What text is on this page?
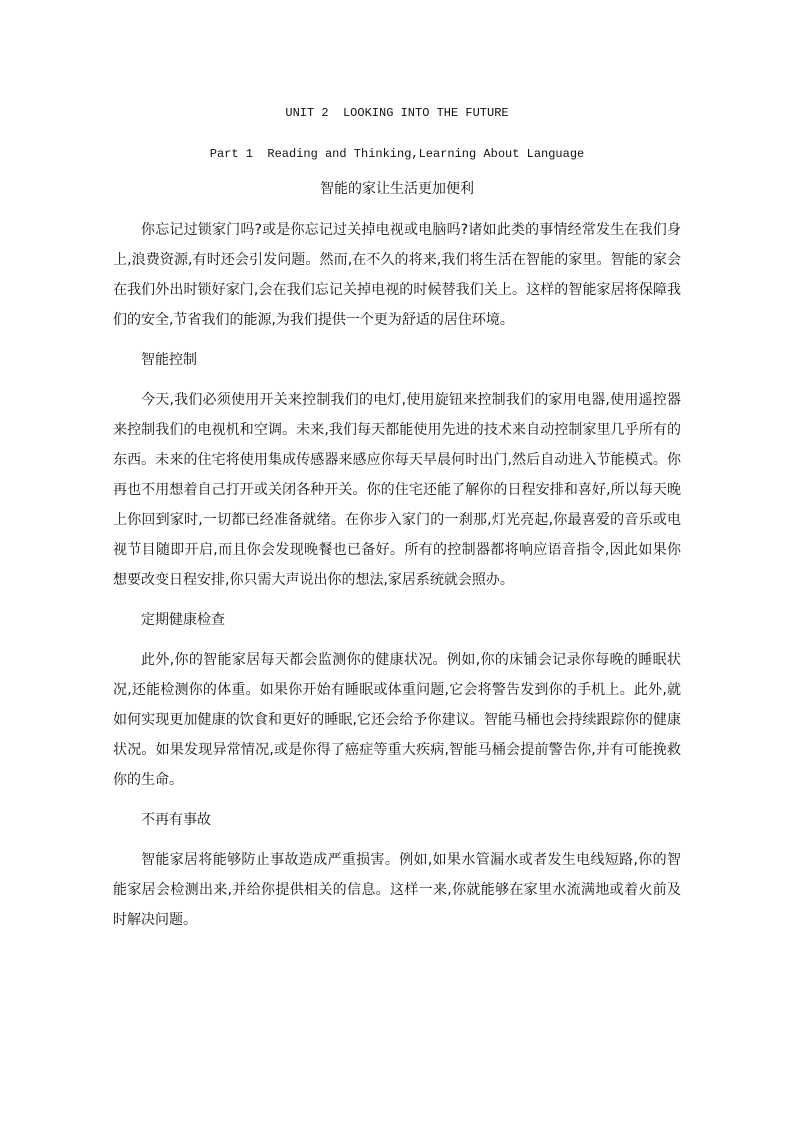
UNIT 2  LOOKING INTO THE FUTURE
Part 1  Reading and Thinking,Learning About Language
智能的家让生活更加便利

你忘记过锁家门吗?或是你忘记过关掉电视或电脑吗?诸如此类的事情经常发生在我们身上,浪费资源,有时还会引发问题。然而,在不久的将来,我们将生活在智能的家里。智能的家会在我们外出时锁好家门,会在我们忘记关掉电视的时候替我们关上。这样的智能家居将保障我们的安全,节省我们的能源,为我们提供一个更为舒适的居住环境。

智能控制

今天,我们必须使用开关来控制我们的电灯,使用旋钮来控制我们的家用电器,使用遥控器来控制我们的电视机和空调。未来,我们每天都能使用先进的技术来自动控制家里几乎所有的东西。未来的住宅将使用集成传感器来感应你每天早晨何时出门,然后自动进入节能模式。你再也不用想着自己打开或关闭各种开关。你的住宅还能了解你的日程安排和喜好,所以每天晚上你回到家时,一切都已经准备就绪。在你步入家门的一刹那,灯光亮起,你最喜爱的音乐或电视节目随即开启,而且你会发现晚餐也已备好。所有的控制器都将响应语音指令,因此如果你想要改变日程安排,你只需大声说出你的想法,家居系统就会照办。

定期健康检查

此外,你的智能家居每天都会监测你的健康状况。例如,你的床铺会记录你每晚的睡眠状况,还能检测你的体重。如果你开始有睡眠或体重问题,它会将警告发到你的手机上。此外,就如何实现更加健康的饮食和更好的睡眠,它还会给予你建议。智能马桶也会持续跟踪你的健康状况。如果发现异常情况,或是你得了癌症等重大疾病,智能马桶会提前警告你,并有可能挽救你的生命。

不再有事故

智能家居将能够防止事故造成严重损害。例如,如果水管漏水或者发生电线短路,你的智能家居会检测出来,并给你提供相关的信息。这样一来,你就能够在家里水流满地或着火前及时解决问题。
